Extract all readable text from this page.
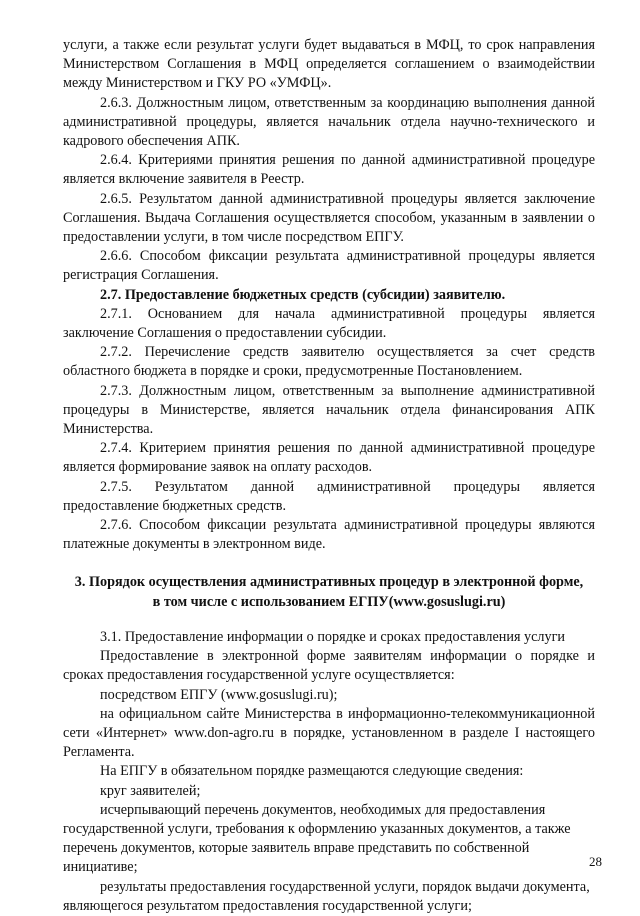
услуги, а также если результат услуги будет выдаваться в МФЦ, то срок направления Министерством Соглашения в МФЦ определяется соглашением о взаимодействии между Министерством и ГКУ РО «УМФЦ».

2.6.3. Должностным лицом, ответственным за координацию выполнения данной административной процедуры, является начальник отдела научно-технического и кадрового обеспечения АПК.

2.6.4. Критериями принятия решения по данной административной процедуре является включение заявителя в Реестр.

2.6.5. Результатом данной административной процедуры является заключение Соглашения. Выдача Соглашения осуществляется способом, указанным в заявлении о предоставлении услуги, в том числе посредством ЕПГУ.

2.6.6. Способом фиксации результата административной процедуры является регистрация Соглашения.

2.7. Предоставление бюджетных средств (субсидии) заявителю.

2.7.1. Основанием для начала административной процедуры является заключение Соглашения о предоставлении субсидии.

2.7.2. Перечисление средств заявителю осуществляется за счет средств областного бюджета в порядке и сроки, предусмотренные Постановлением.

2.7.3. Должностным лицом, ответственным за выполнение административной процедуры в Министерстве, является начальник отдела финансирования АПК Министерства.

2.7.4. Критерием принятия решения по данной административной процедуре является формирование заявок на оплату расходов.

2.7.5. Результатом данной административной процедуры является предоставление бюджетных средств.

2.7.6. Способом фиксации результата административной процедуры являются платежные документы в электронном виде.

3. Порядок осуществления административных процедур в электронной форме, в том числе с использованием ЕГПУ(www.gosuslugi.ru)

3.1. Предоставление информации о порядке и сроках предоставления услуги

Предоставление в электронной форме заявителям информации о порядке и сроках предоставления государственной услуге осуществляется:

посредством ЕПГУ (www.gosuslugi.ru);

на официальном сайте Министерства в информационно-телекоммуникационной сети «Интернет» www.don-agro.ru в порядке, установленном в разделе I настоящего Регламента.

На ЕПГУ в обязательном порядке размещаются следующие сведения:

круг заявителей;

исчерпывающий перечень документов, необходимых для предоставления государственной услуги, требования к оформлению указанных документов, а также перечень документов, которые заявитель вправе представить по собственной инициативе;

результаты предоставления государственной услуги, порядок выдачи документа, являющегося результатом предоставления государственной услуги;

28
